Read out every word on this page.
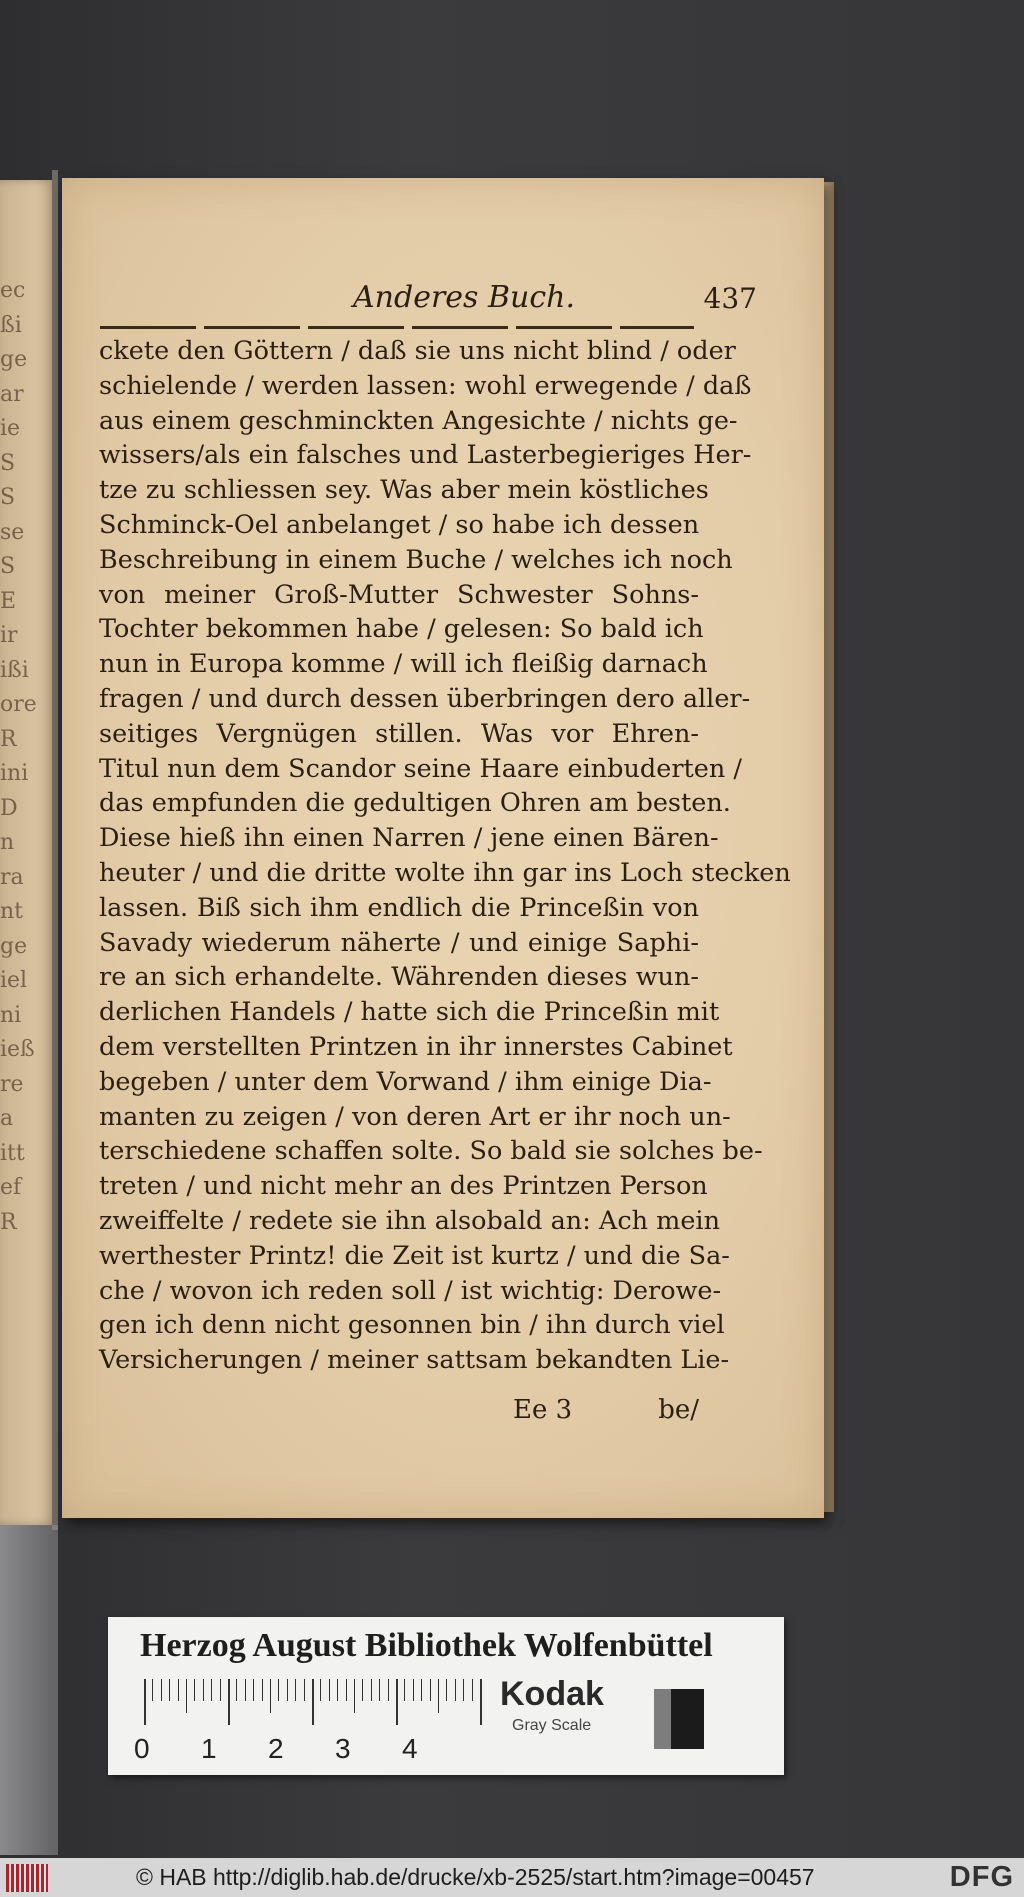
ec
ßi
ge
ar
ie
S
S
se
S
E
ir
ißi
ore
R
ini
D
n
ra
nt
ge
iel
ni
ieß
re
a
itt
ef
R
Anderes Buch.	437
ckete den Göttern / daß sie uns nicht blind / oder
schielende / werden lassen: wohl erwegende / daß
aus einem geschminckten Angesichte / nichts ge-
wissers/als ein falsches und Lasterbegieriges Her-
tze zu schliessen sey. Was aber mein köstliches
Schminck-Oel anbelanget / so habe ich dessen
Beschreibung in einem Buche / welches ich noch
von meiner Groß-Mutter Schwester Sohns-
Tochter bekommen habe / gelesen: So bald ich
nun in Europa komme / will ich fleißig darnach
fragen / und durch dessen überbringen dero aller-
seitiges Vergnügen stillen. Was vor Ehren-
Titul nun dem Scandor seine Haare einbuderten /
das empfunden die gedultigen Ohren am besten.
Diese hieß ihn einen Narren / jene einen Bären-
heuter / und die dritte wolte ihn gar ins Loch stecken
lassen. Biß sich ihm endlich die Princeßin von
Savady wiederum näherte / und einige Saphi-
re an sich erhandelte. Währenden dieses wun-
derlichen Handels / hatte sich die Princeßin mit
dem verstellten Printzen in ihr innerstes Cabinet
begeben / unter dem Vorwand / ihm einige Dia-
manten zu zeigen / von deren Art er ihr noch un-
terschiedene schaffen solte. So bald sie solches be-
treten / und nicht mehr an des Printzen Person
zweiffelte / redete sie ihn alsobald an: Ach mein
werthester Printz! die Zeit ist kurtz / und die Sa-
che / wovon ich reden soll / ist wichtig: Derowe-
gen ich denn nicht gesonnen bin / ihn durch viel
Versicherungen / meiner sattsam bekandten Lie-
Ee 3	be/
Herzog August Bibliothek Wolfenbüttel
0 1 2 3 4
Kodak
Gray Scale
© HAB http://diglib.hab.de/drucke/xb-2525/start.htm?image=00457	DFG
